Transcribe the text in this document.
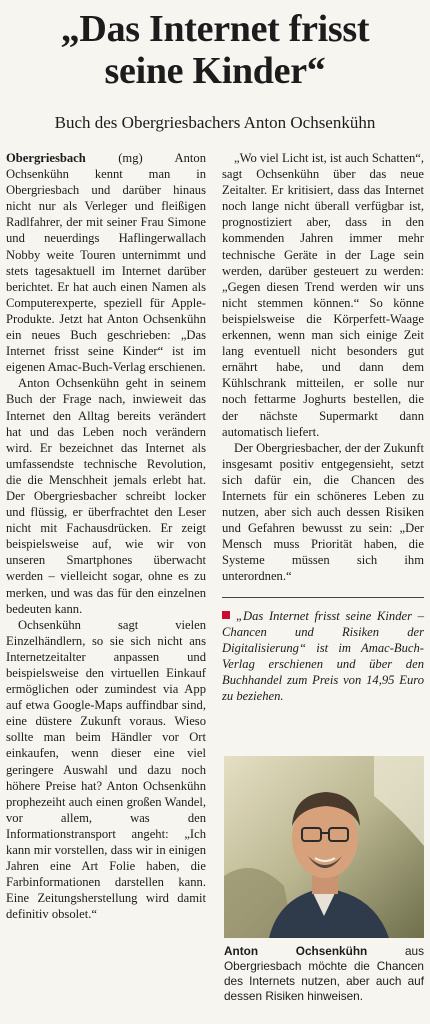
„Das Internet frisst
seine Kinder“

Buch des Obergriesbachers Anton Ochsenkühn

Obergriesbach (mg) Anton Ochsenkühn kennt man in Obergriesbach und darüber hinaus nicht nur als Verleger und fleißigen Radlfahrer, der mit seiner Frau Simone und neuerdings Haflingerwallach Nobby weite Touren unternimmt und stets tagesaktuell im Internet darüber berichtet. Er hat auch einen Namen als Computerexperte, speziell für Apple-Produkte. Jetzt hat Anton Ochsenkühn ein neues Buch geschrieben: „Das Internet frisst seine Kinder“ ist im eigenen Amac-Buch-Verlag erschienen.

Anton Ochsenkühn geht in seinem Buch der Frage nach, inwieweit das Internet den Alltag bereits verändert hat und das Leben noch verändern wird. Er bezeichnet das Internet als umfassendste technische Revolution, die die Menschheit jemals erlebt hat. Der Obergriesbacher schreibt locker und flüssig, er überfrachtet den Leser nicht mit Fachausdrücken. Er zeigt beispielsweise auf, wie wir von unseren Smartphones überwacht werden – vielleicht sogar, ohne es zu merken, und was das für den einzelnen bedeuten kann.

Ochsenkühn sagt vielen Einzelhändlern, so sie sich nicht ans Internetzeitalter anpassen und beispielsweise den virtuellen Einkauf ermöglichen oder zumindest via App auf etwa Google-Maps auffindbar sind, eine düstere Zukunft voraus. Wieso sollte man beim Händler vor Ort einkaufen, wenn dieser eine viel geringere Auswahl und dazu noch höhere Preise hat? Anton Ochsenkühn prophezeiht auch einen großen Wandel, vor allem, was den Informationstransport angeht: „Ich kann mir vorstellen, dass wir in einigen Jahren eine Art Folie haben, die Farbinformationen darstellen kann. Eine Zeitungsherstellung wird damit definitiv obsolet.“

„Wo viel Licht ist, ist auch Schatten“, sagt Ochsenkühn über das neue Zeitalter. Er kritisiert, dass das Internet noch lange nicht überall verfügbar ist, prognostiziert aber, dass in den kommenden Jahren immer mehr technische Geräte in der Lage sein werden, darüber gesteuert zu werden: „Gegen diesen Trend werden wir uns nicht stemmen können.“ So könne beispielsweise die Körperfett-Waage erkennen, wenn man sich einige Zeit lang eventuell nicht besonders gut ernährt habe, und dann dem Kühlschrank mitteilen, er solle nur noch fettarme Joghurts bestellen, die der nächste Supermarkt dann automatisch liefert.

Der Obergriesbacher, der der Zukunft insgesamt positiv entgegensieht, setzt sich dafür ein, die Chancen des Internets für ein schöneres Leben zu nutzen, aber sich auch dessen Risiken und Gefahren bewusst zu sein: „Der Mensch muss Priorität haben, die Systeme müssen sich ihm unterordnen.“

„Das Internet frisst seine Kinder – Chancen und Risiken der Digitalisierung“ ist im Amac-Buch-Verlag erschienen und über den Buchhandel zum Preis von 14,95 Euro zu beziehen.

Anton Ochsenkühn aus Obergriesbach möchte die Chancen des Internets nutzen, aber auch auf dessen Risiken hinweisen.
